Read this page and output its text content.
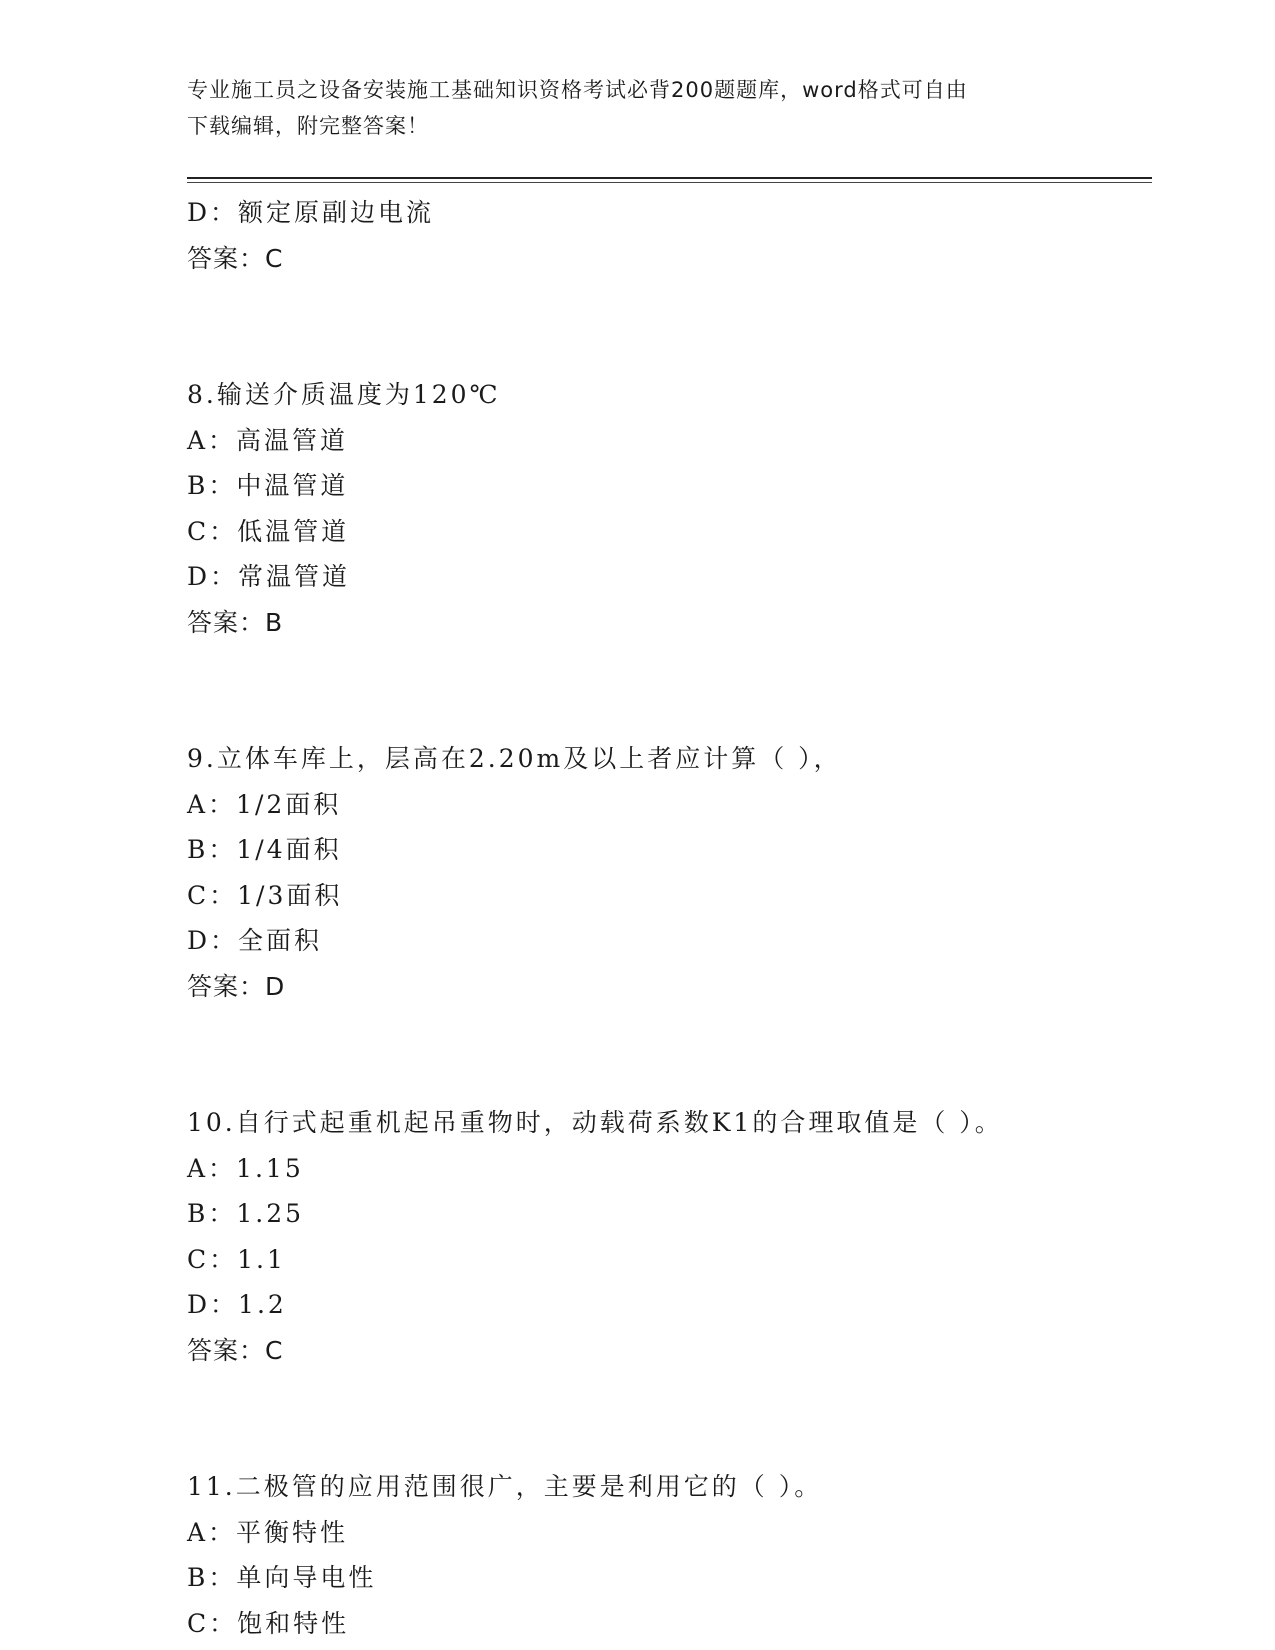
专业施工员之设备安装施工基础知识资格考试必背200题题库，word格式可自由
下载编辑，附完整答案！
D：额定原副边电流
答案：C
8.输送介质温度为120℃
A：高温管道
B：中温管道
C：低温管道
D：常温管道
答案：B
9.立体车库上，层高在2.20m及以上者应计算（ ），
A：1/2面积
B：1/4面积
C：1/3面积
D：全面积
答案：D
10.自行式起重机起吊重物时，动载荷系数K1的合理取值是（ ）。
A：1.15
B：1.25
C：1.1
D：1.2
答案：C
11.二极管的应用范围很广，主要是利用它的（ ）。
A：平衡特性
B：单向导电性
C：饱和特性
